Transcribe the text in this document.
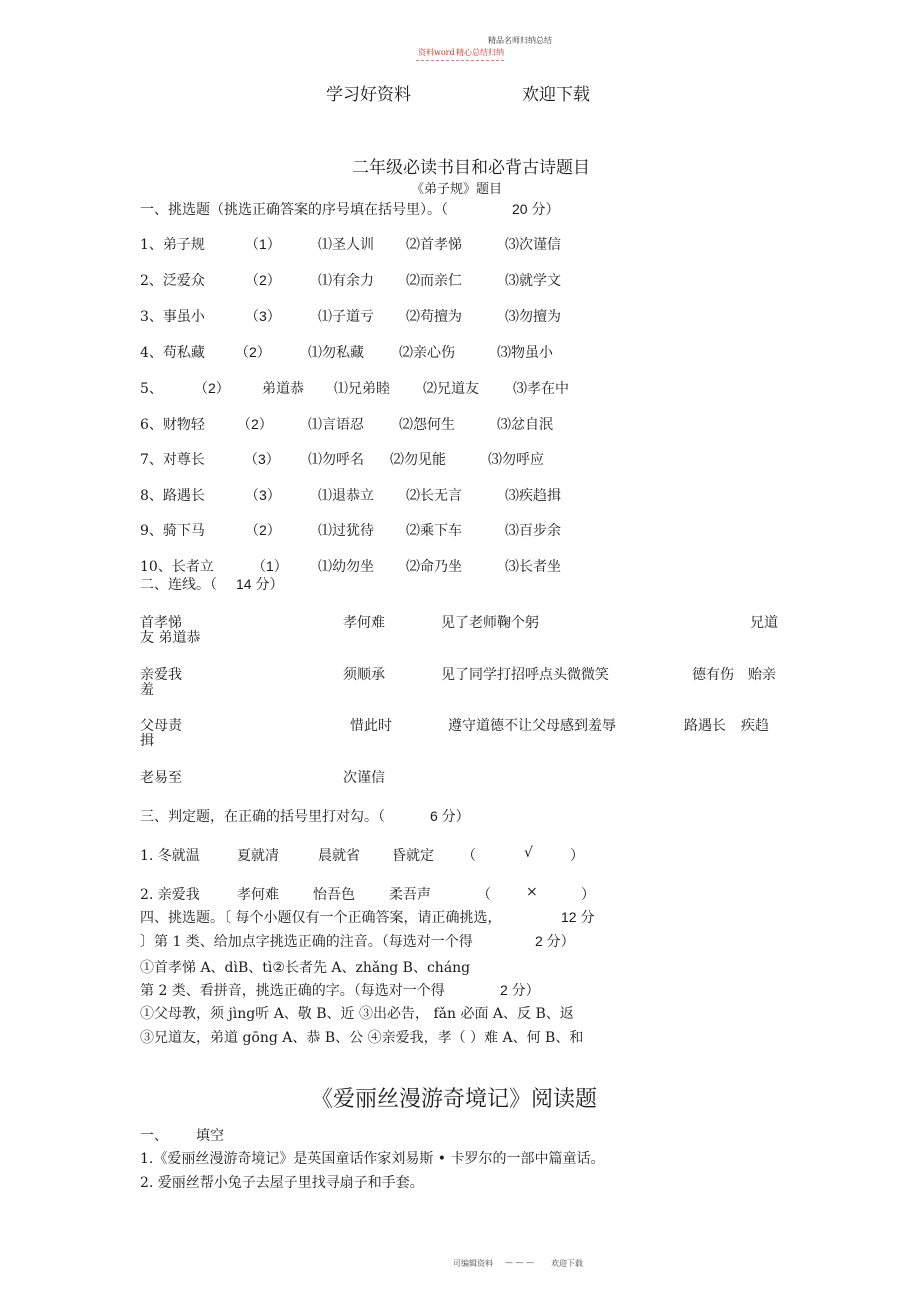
精品名师归纳总结
资料word 精心总结归纳
学习好资料	欢迎下载
二年级必读书目和必背古诗题目
《弟子规》题目
一、挑选题（挑选正确答案的序号填在括号里）。（	20 分）
1、弟子规	（1）	⑴圣人训 ⑵首孝悌	⑶次谨信
2、泛爱众	（2）	⑴有余力 ⑵而亲仁	⑶就学文
3、事虽小	（3）	⑴子道亏 ⑵苟擅为	⑶勿擅为
4、苟私藏 （2）	⑴勿私藏	⑵亲心伤	⑶物虽小
5、 （2） 弟道恭 ⑴兄弟睦 ⑵兄道友 ⑶孝在中
6、财物轻 （2）	⑴言语忍	⑵怨何生	⑶忿自泯
7、对尊长	（3） ⑴勿呼名 ⑵勿见能	⑶勿呼应
8、路遇长	（3）	⑴退恭立 ⑵长无言	⑶疾趋揖
9、骑下马	（2）	⑴过犹待 ⑵乘下车	⑶百步余
10、长者立	（1） ⑴幼勿坐 ⑵命乃坐	⑶长者坐
二、连线。（ 14 分）
首孝悌	孝何难	见了老师鞠个躬	兄道
友 弟道恭
亲爱我	须顺承	见了同学打招呼点头微微笑	德有伤 贻亲
羞
父母责	惜此时	遵守道德不让父母感到羞辱	路遇长 疾趋
揖
老易至	次谨信
三、判定题，在正确的括号里打对勾。（	6 分）
1. 冬就温	夏就凊	晨就省 昏就定 （	√	）
2. 亲爱我	孝何难 怡吾色 柔吾声	（	×	）
四、挑选题。〔 每个小题仅有一个正确答案，请正确挑选，	12 分
〕第 1 类、给加点字挑选正确的注音。（每选对一个得	2 分）
①首孝悌 A、dìB、tì②长者先 A、zhǎng B、cháng
第 2 类、看拼音，挑选正确的字。（每选对一个得	2 分）
①父母教，须 jìng听 A、敬 B、近 ③出必告， fǎn 必面 A、反 B、返
③兄道友，弟道 gōng A、恭 B、公 ④亲爱我，孝（ ）难 A、何 B、和
《爱丽丝漫游奇境记》阅读题
一、 填空
1.《爱丽丝漫游奇境记》是英国童话作家刘易斯 • 卡罗尔的一部中篇童话。
2. 爱丽丝帮小兔子去屋子里找寻扇子和手套。
可编辑资料 — — — 欢迎下载
